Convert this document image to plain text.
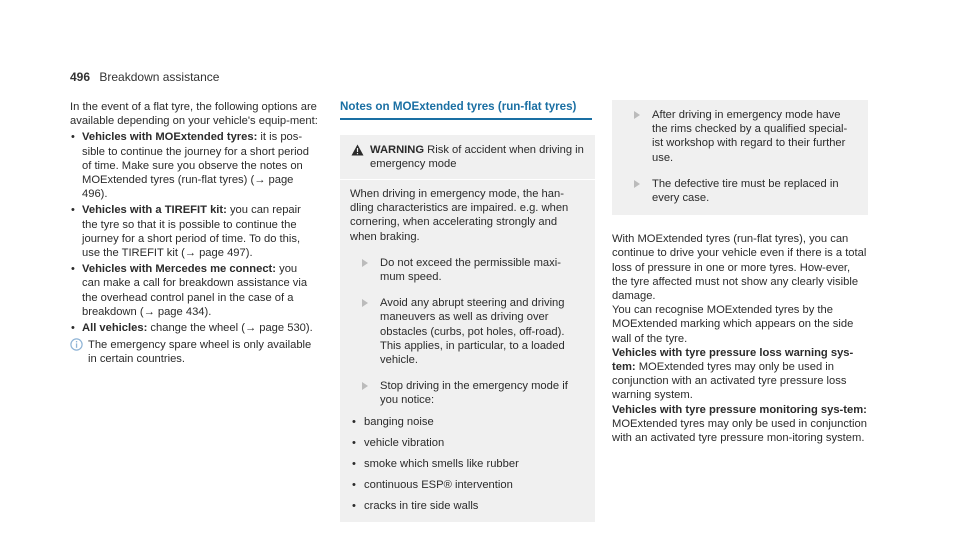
496 Breakdown assistance

In the event of a flat tyre, the following options are available depending on your vehicle's equip-ment:

• Vehicles with MOExtended tyres: it is pos-sible to continue the journey for a short period of time. Make sure you observe the notes on MOExtended tyres (run-flat tyres) (→ page 496).
• Vehicles with a TIREFIT kit: you can repair the tyre so that it is possible to continue the journey for a short period of time. To do this, use the TIREFIT kit (→ page 497).
• Vehicles with Mercedes me connect: you can make a call for breakdown assistance via the overhead control panel in the case of a breakdown (→ page 434).
• All vehicles: change the wheel (→ page 530).
The emergency spare wheel is only available in certain countries.
Notes on MOExtended tyres (run-flat tyres)
WARNING Risk of accident when driving in emergency mode

When driving in emergency mode, the han-dling characteristics are impaired. e.g. when cornering, when accelerating strongly and when braking.

Do not exceed the permissible maxi-mum speed.
Avoid any abrupt steering and driving maneuvers as well as driving over obstacles (curbs, pot holes, off-road). This applies, in particular, to a loaded vehicle.
Stop driving in the emergency mode if you notice:
• banging noise
• vehicle vibration
• smoke which smells like rubber
• continuous ESP® intervention
• cracks in tire side walls
After driving in emergency mode have the rims checked by a qualified special-ist workshop with regard to their further use.
The defective tire must be replaced in every case.

With MOExtended tyres (run-flat tyres), you can continue to drive your vehicle even if there is a total loss of pressure in one or more tyres. How-ever, the tyre affected must not show any clearly visible damage.

You can recognise MOExtended tyres by the MOExtended marking which appears on the side wall of the tyre.

Vehicles with tyre pressure loss warning sys-tem: MOExtended tyres may only be used in conjunction with an activated tyre pressure loss warning system.

Vehicles with tyre pressure monitoring sys-tem: MOExtended tyres may only be used in conjunction with an activated tyre pressure mon-itoring system.
